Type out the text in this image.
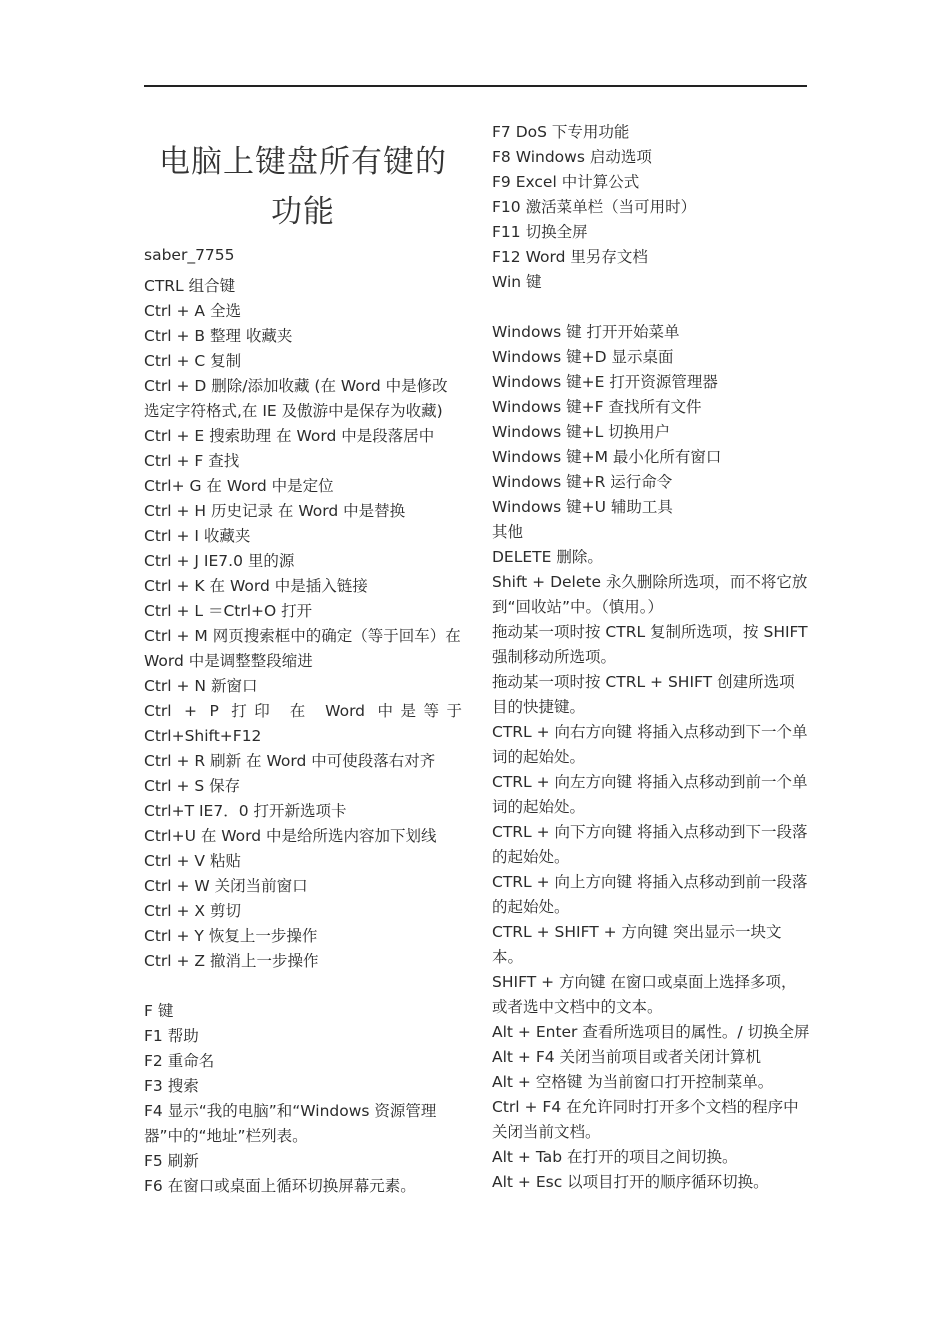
电脑上键盘所有键的功能
saber_7755
CTRL 组合键
Ctrl + A 全选
Ctrl + B 整理 收藏夹
Ctrl + C 复制
Ctrl + D 删除/添加收藏 (在 Word 中是修改选定字符格式,在 IE 及傲游中是保存为收藏)
Ctrl + E 搜索助理 在 Word 中是段落居中
Ctrl + F 查找
Ctrl+ G 在 Word 中是定位
Ctrl + H 历史记录 在 Word 中是替换
Ctrl + I 收藏夹
Ctrl + J IE7.0 里的源
Ctrl + K 在 Word 中是插入链接
Ctrl + L ＝Ctrl+O 打开
Ctrl + M 网页搜索框中的确定（等于回车）在 Word 中是调整整段缩进
Ctrl + N 新窗口
Ctrl + P 打印 在 Word 中是等于
Ctrl+Shift+F12
Ctrl + R 刷新 在 Word 中可使段落右对齐
Ctrl + S 保存
Ctrl+T IE7．0 打开新选项卡
Ctrl+U 在 Word 中是给所选内容加下划线
Ctrl + V 粘贴
Ctrl + W 关闭当前窗口
Ctrl + X 剪切
Ctrl + Y 恢复上一步操作
Ctrl + Z 撤消上一步操作
F 键
F1 帮助
F2 重命名
F3 搜索
F4 显示“我的电脑”和“Windows 资源管理器”中的“地址”栏列表。
F5 刷新
F6 在窗口或桌面上循环切换屏幕元素。
F7 DoS 下专用功能
F8 Windows 启动选项
F9 Excel 中计算公式
F10 激活菜单栏（当可用时）
F11 切换全屏
F12 Word 里另存文档
Win 键
Windows 键 打开开始菜单
Windows 键+D 显示桌面
Windows 键+E 打开资源管理器
Windows 键+F 查找所有文件
Windows 键+L 切换用户
Windows 键+M 最小化所有窗口
Windows 键+R 运行命令
Windows 键+U 辅助工具
其他
DELETE 删除。
Shift + Delete 永久删除所选项，而不将它放到“回收站”中。（慎用。）
拖动某一项时按 CTRL 复制所选项，按 SHIFT 强制移动所选项。
拖动某一项时按 CTRL + SHIFT 创建所选项目的快捷键。
CTRL + 向右方向键 将插入点移动到下一个单词的起始处。
CTRL + 向左方向键 将插入点移动到前一个单词的起始处。
CTRL + 向下方向键 将插入点移动到下一段落的起始处。
CTRL + 向上方向键 将插入点移动到前一段落的起始处。
CTRL + SHIFT + 方向键 突出显示一块文本。
SHIFT + 方向键 在窗口或桌面上选择多项，或者选中文档中的文本。
Alt + Enter 查看所选项目的属性。/ 切换全屏
Alt + F4 关闭当前项目或者关闭计算机
Alt + 空格键 为当前窗口打开控制菜单。
Ctrl + F4 在允许同时打开多个文档的程序中关闭当前文档。
Alt + Tab 在打开的项目之间切换。
Alt + Esc 以项目打开的顺序循环切换。
